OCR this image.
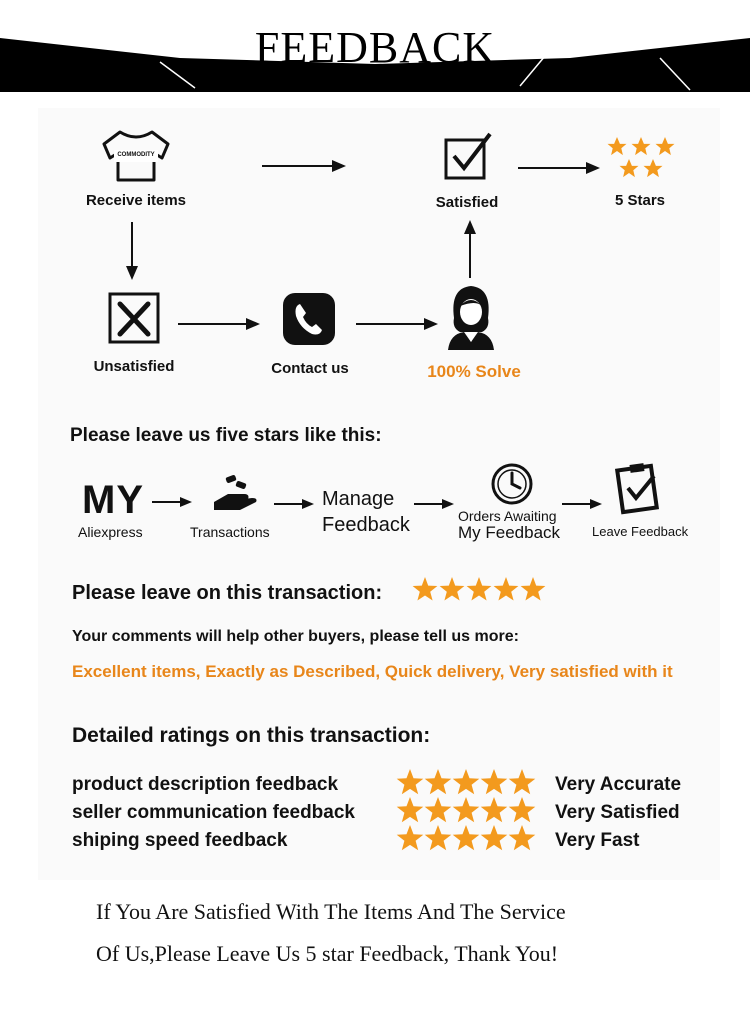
FEEDBACK
COMMODITY
Receive items	Satisfied	5 Stars
Unsatisfied	Contact us	100% Solve
Please leave us five stars like this:
MY
Aliexpress	Transactions
Manage
Feedback	Orders Awaiting
My Feedback Leave Feedback
Please leave on this transaction:
Your comments will help other buyers, please tell us more:
Excellent items, Exactly as Described, Quick delivery, Very satisfied with it
Detailed ratings on this transaction:
product description feedback	Very Accurate
seller communication feedback	Very Satisfied
shiping speed feedback	Very Fast
If You Are Satisfied With The Items And The Service
Of Us,Please Leave Us 5 star Feedback, Thank You!
